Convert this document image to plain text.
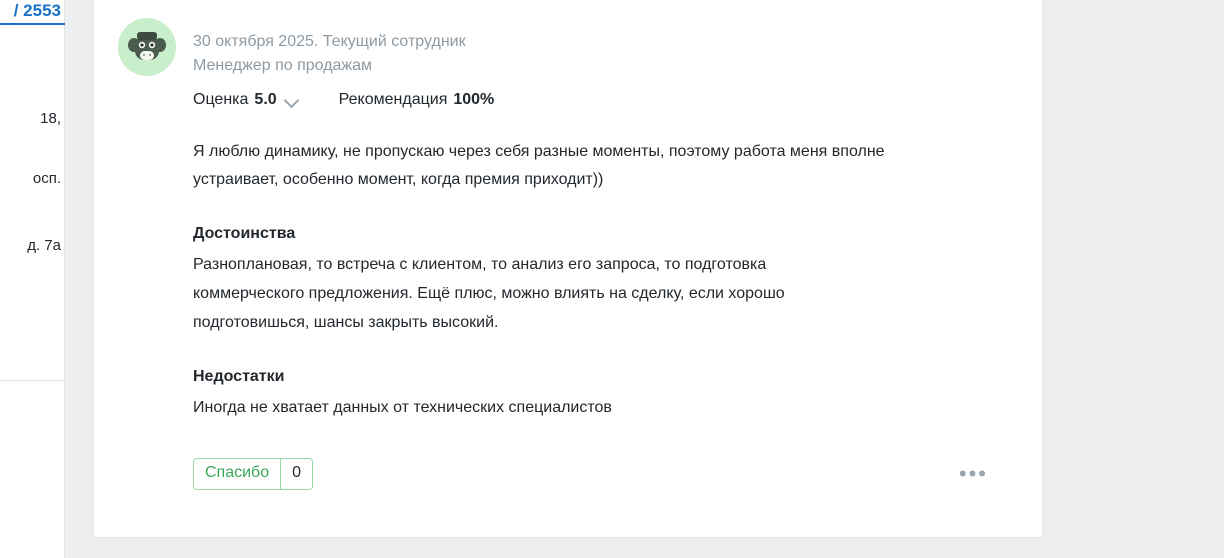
/ 2553
18,
осп.
д. 7а
30 октября 2025. Текущий сотрудник
Менеджер по продажам
Оценка 5.0	Рекомендация 100%
Я люблю динамику, не пропускаю через себя разные моменты, поэтому работа меня вполне устраивает, особенно момент, когда премия приходит))
Достоинства
Разноплановая, то встреча с клиентом, то анализ его запроса, то подготовка коммерческого предложения. Ещё плюс, можно влиять на сделку, если хорошо подготовишься, шансы закрыть высокий.
Недостатки
Иногда не хватает данных от технических специалистов
Спасибо	0	•••
